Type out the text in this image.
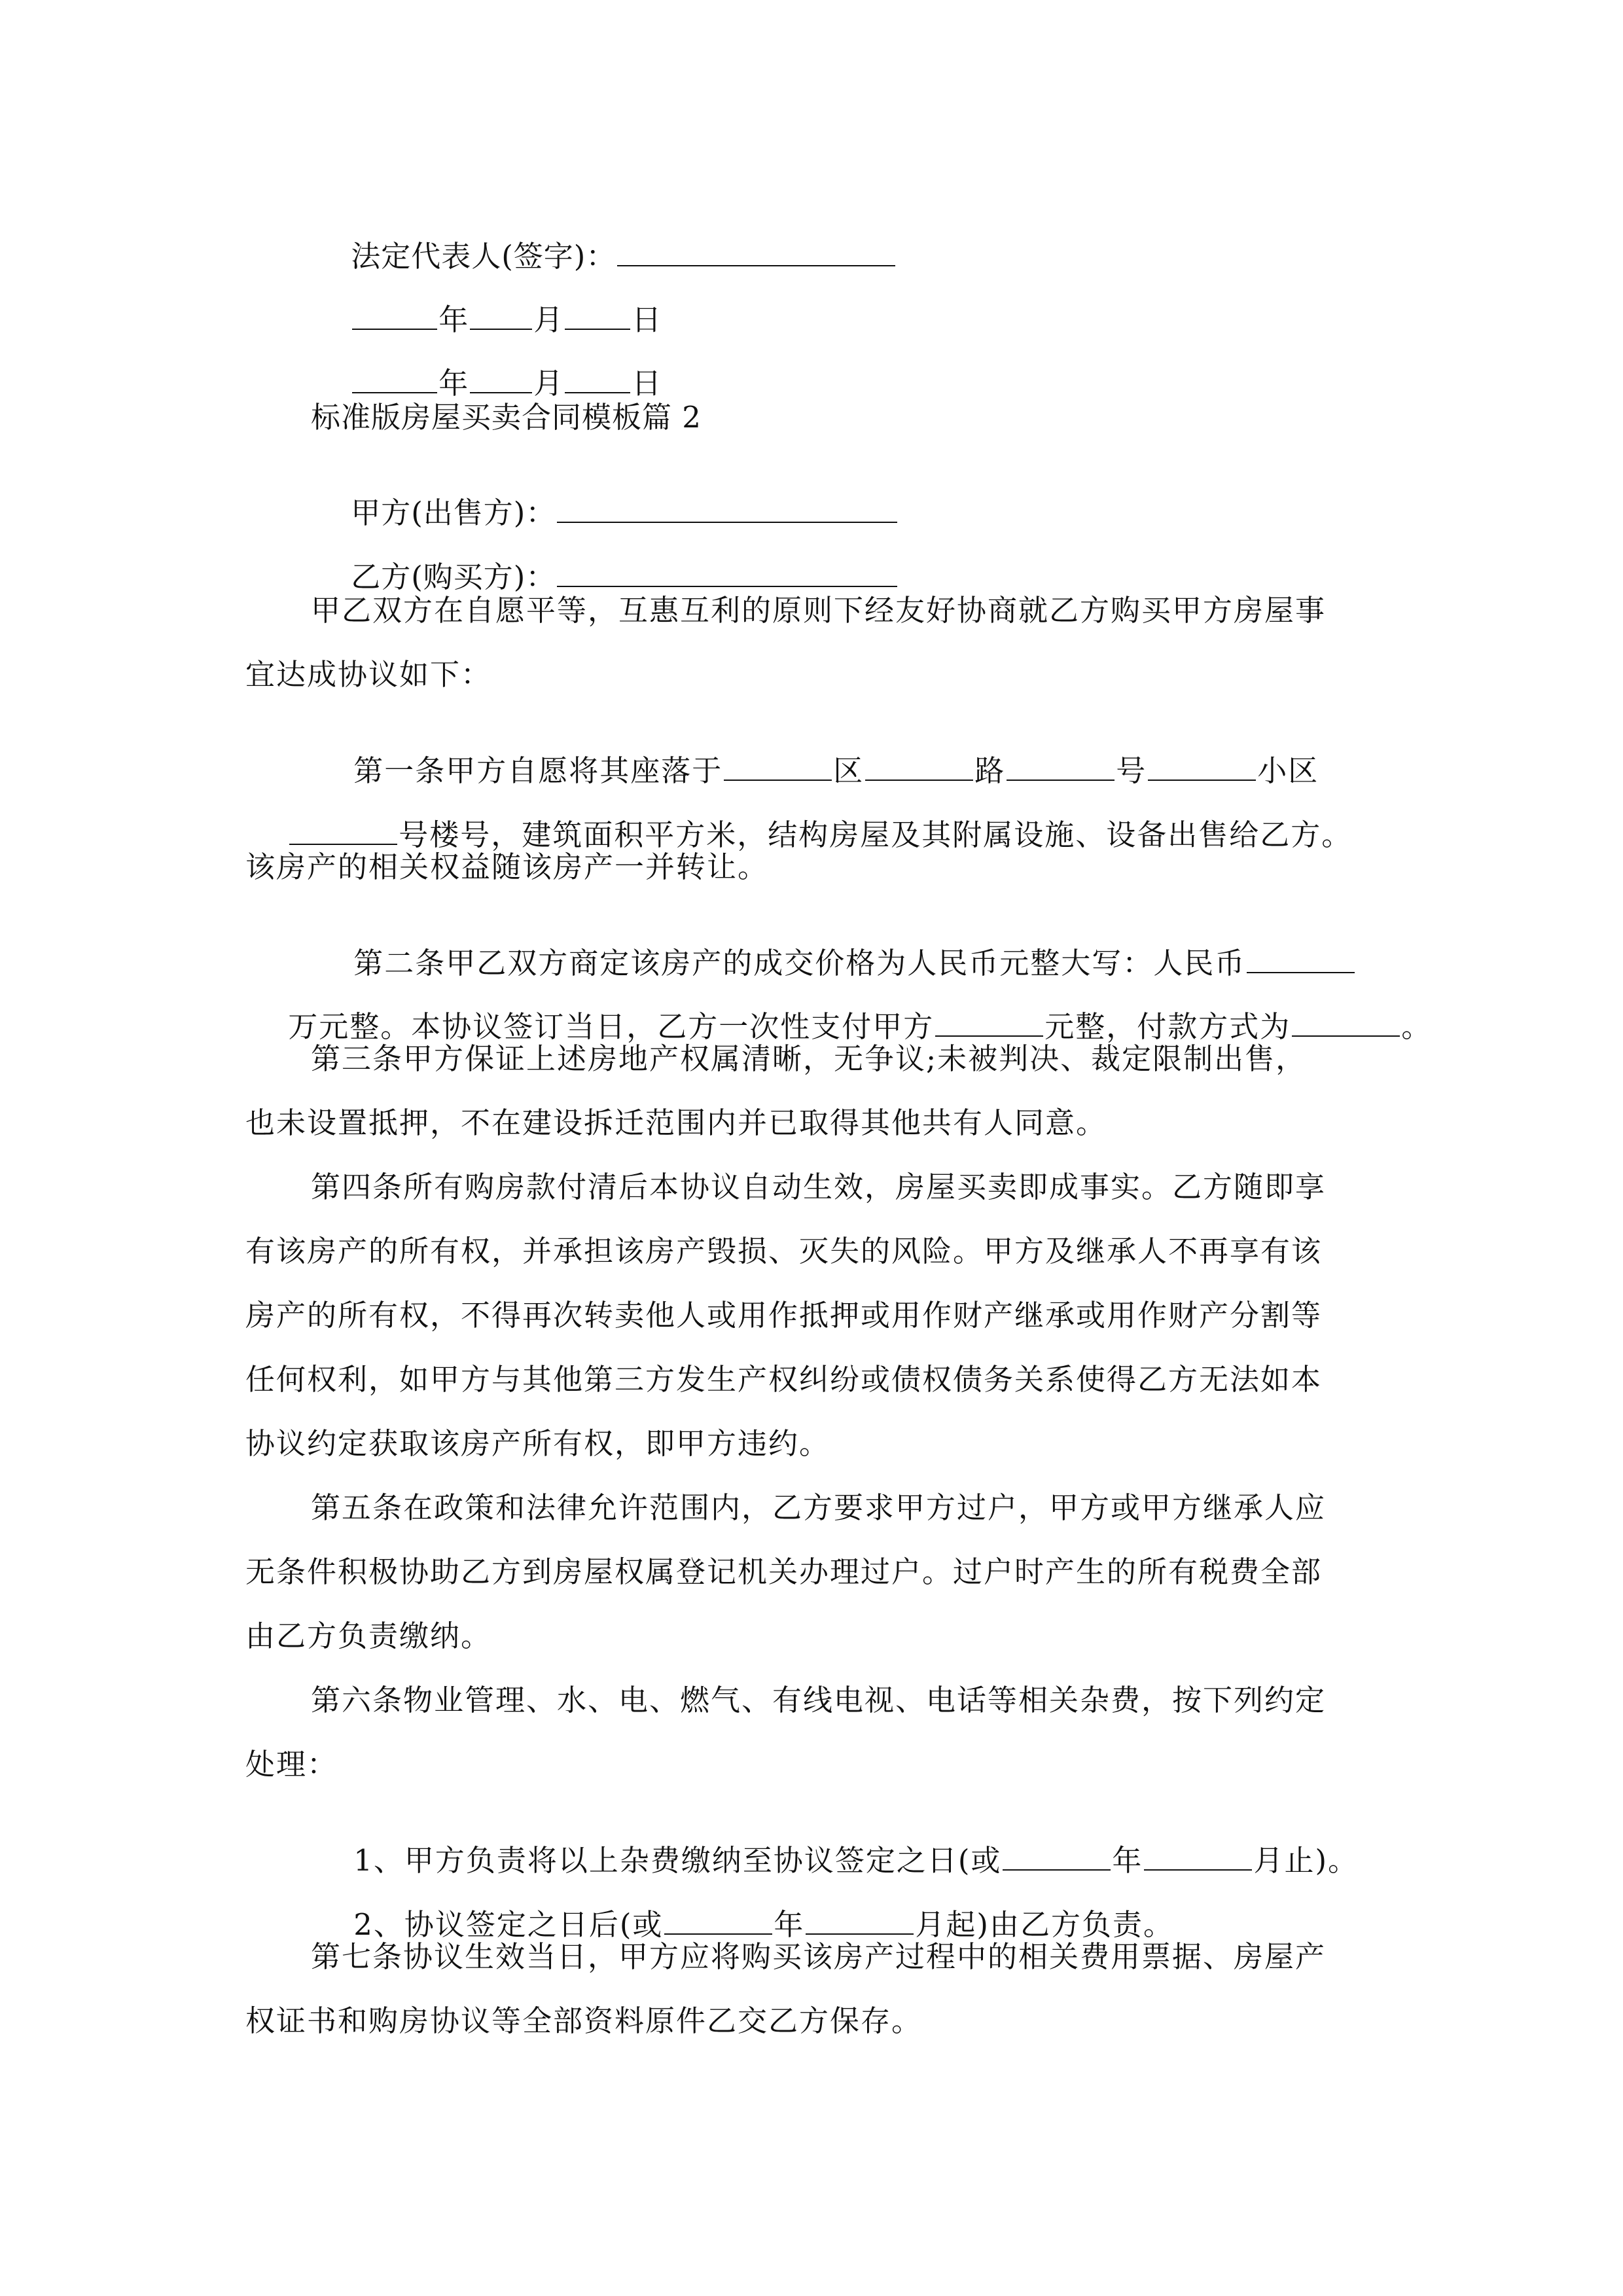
法定代表人(签字)：

年 月 日

年 月 日

标准版房屋买卖合同模板篇 2

甲方(出售方)：

乙方(购买方)：

甲乙双方在自愿平等，互惠互利的原则下经友好协商就乙方购买甲方房屋事
宜达成协议如下：

第一条甲方自愿将其座落于	区	路	号	小区

号楼号，建筑面积平方米，结构房屋及其附属设施、设备出售给乙方。

该房产的相关权益随该房产一并转让。

第二条甲乙双方商定该房产的成交价格为人民币元整大写：人民币

万元整。本协议签订当日，乙方一次性支付甲方	元整，付款方式为	。

第三条甲方保证上述房地产权属清晰，无争议;未被判决、裁定限制出售，
也未设置抵押，不在建设拆迁范围内并已取得其他共有人同意。
第四条所有购房款付清后本协议自动生效，房屋买卖即成事实。乙方随即享
有该房产的所有权，并承担该房产毁损、灭失的风险。甲方及继承人不再享有该
房产的所有权，不得再次转卖他人或用作抵押或用作财产继承或用作财产分割等
任何权利，如甲方与其他第三方发生产权纠纷或债权债务关系使得乙方无法如本
协议约定获取该房产所有权，即甲方违约。
第五条在政策和法律允许范围内，乙方要求甲方过户，甲方或甲方继承人应
无条件积极协助乙方到房屋权属登记机关办理过户。过户时产生的所有税费全部
由乙方负责缴纳。
第六条物业管理、水、电、燃气、有线电视、电话等相关杂费，按下列约定
处理：

1、甲方负责将以上杂费缴纳至协议签定之日(或	年	月止)。

2、协议签定之日后(或	年	月起)由乙方负责。

第七条协议生效当日，甲方应将购买该房产过程中的相关费用票据、房屋产
权证书和购房协议等全部资料原件乙交乙方保存。
